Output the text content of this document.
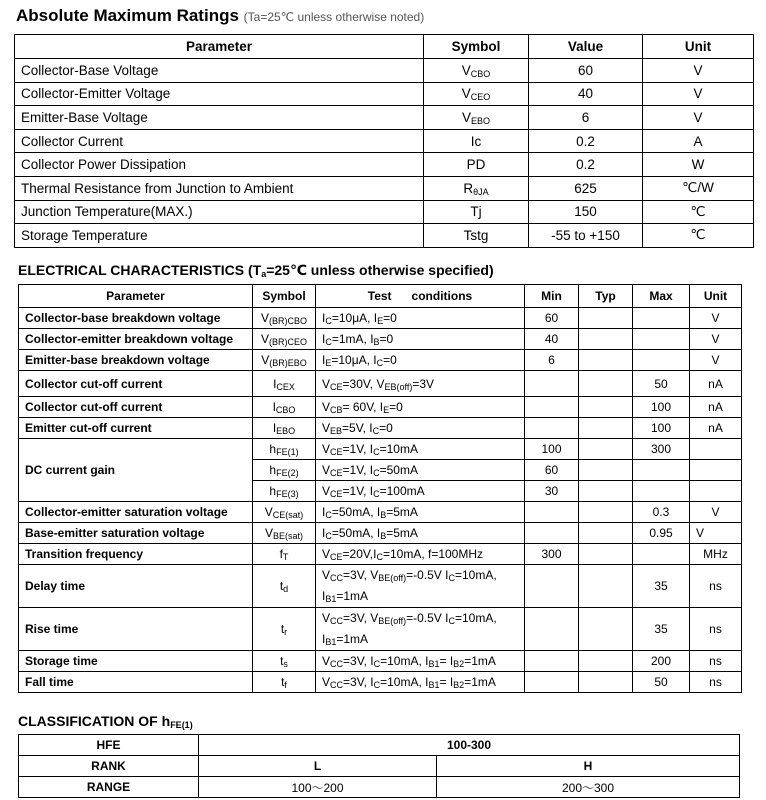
Absolute Maximum Ratings (Ta=25℃ unless otherwise noted)
Parameter	Symbol	Value	Unit
Collector-Base Voltage	$V_{CBO}$	60	V
Collector-Emitter Voltage	$V_{CEO}$	40	V
Emitter-Base Voltage	$V_{EBO}$	6	V
Collector Current	Ic	0.2	A
Collector Power Dissipation	PD	0.2	W
Thermal Resistance from Junction to Ambient	$R_{\theta JA}$	625	℃/W
Junction Temperature(MAX.)	Tj	150	℃
Storage Temperature	Tstg	-55 to +150	℃
ELECTRICAL CHARACTERISTICS ($T_a=25℃$ unless otherwise specified)
Parameter	Symbol	Test      conditions	Min	Typ	Max	Unit
Collector-base breakdown voltage	$V_{(BR)CBO}$	$I_C=10\mu A$, $I_E=0$	60			V
Collector-emitter breakdown voltage	$V_{(BR)CEO}$	$I_C=1mA$, $I_B=0$	40			V
Emitter-base breakdown voltage	$V_{(BR)EBO}$	$I_E=10\mu A$, $I_C=0$	6			V
Collector cut-off current	$I_{CEX}$	$V_{CE}=30V$, $V_{EB(off)}=3V$			50	nA
Collector cut-off current	$I_{CBO}$	$V_{CB}= 60V$, $I_E=0$			100	nA
Emitter cut-off current	$I_{EBO}$	$V_{EB}=5V$, $I_C=0$			100	nA
DC current gain	$h_{FE(1)}$	$V_{CE}=1V$, $I_C=10mA$	100		300	
	$h_{FE(2)}$	$V_{CE}=1V$, $I_C=50mA$	60			
	$h_{FE(3)}$	$V_{CE}=1V$, $I_C=100mA$	30			
Collector-emitter saturation voltage	$V_{CE(sat)}$	$I_C=50mA$, $I_B=5mA$			0.3	V
Base-emitter saturation voltage	$V_{BE(sat)}$	$I_C=50mA$, $I_B=5mA$			0.95	V
Transition frequency	$f_T$	$V_{CE}=20V,I_C=10mA$, f=100MHz	300			MHz
Delay time	$t_d$	$V_{CC}=3V$, $V_{BE(off)}=-0.5V$ $I_C=10mA$,
$I_{B1}=1mA$			35	ns
Rise time	$t_r$	$V_{CC}=3V$, $V_{BE(off)}=-0.5V$ $I_C=10mA$,
$I_{B1}=1mA$			35	ns
Storage time	$t_s$	$V_{CC}=3V$, $I_C=10mA$, $I_{B1}= I_{B2}=1mA$			200	ns
Fall time	$t_f$	$V_{CC}=3V$, $I_C=10mA$, $I_{B1}= I_{B2}=1mA$			50	ns
CLASSIFICATION OF $h_{FE(1)}$
HFE	100-300	
RANK	L	H
RANGE	100～200	200～300
